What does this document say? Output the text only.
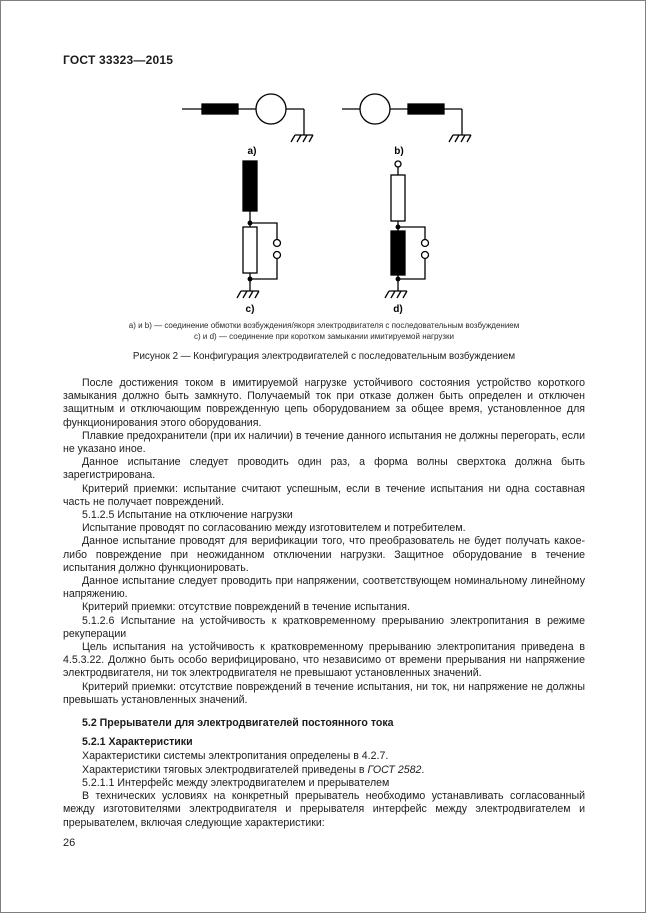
ГОСТ 33323—2015
a)	b)
c)	d)
а) и b) — соединение обмотки возбуждения/якоря электродвигателя с последовательным возбуждением
с) и d) — соединение при коротком замыкании имитируемой нагрузки
Рисунок 2 — Конфигурация электродвигателей с последовательным возбуждением

После достижения током в имитируемой нагрузке устойчивого состояния устройство короткого замыкания должно быть замкнуто. Получаемый ток при отказе должен быть определен и отключен защитным и отключающим поврежденную цепь оборудованием за общее время, установленное для функционирования этого оборудования.

Плавкие предохранители (при их наличии) в течение данного испытания не должны перегорать, если не указано иное.

Данное испытание следует проводить один раз, а форма волны сверхтока должна быть зарегистрирована.

Критерий приемки: испытание считают успешным, если в течение испытания ни одна составная часть не получает повреждений.

5.1.2.5 Испытание на отключение нагрузки

Испытание проводят по согласованию между изготовителем и потребителем.

Данное испытание проводят для верификации того, что преобразователь не будет получать какое-либо повреждение при неожиданном отключении нагрузки. Защитное оборудование в течение испытания должно функционировать.

Данное испытание следует проводить при напряжении, соответствующем номинальному линейному напряжению.

Критерий приемки: отсутствие повреждений в течение испытания.

5.1.2.6 Испытание на устойчивость к кратковременному прерыванию электропитания в режиме рекуперации

Цель испытания на устойчивость к кратковременному прерыванию электропитания приведена в 4.5.3.22. Должно быть особо верифицировано, что независимо от времени прерывания ни напряжение электродвигателя, ни ток электродвигателя не превышают установленных значений.

Критерий приемки: отсутствие повреждений в течение испытания, ни ток, ни напряжение не должны превышать установленных значений.

5.2 Прерыватели для электродвигателей постоянного тока
5.2.1 Характеристики

Характеристики системы электропитания определены в 4.2.7.

Характеристики тяговых электродвигателей приведены в ГОСТ 2582.

5.2.1.1 Интерфейс между электродвигателем и прерывателем

В технических условиях на конкретный прерыватель необходимо устанавливать согласованный между изготовителями электродвигателя и прерывателя интерфейс между электродвигателем и прерывателем, включая следующие характеристики:

26
